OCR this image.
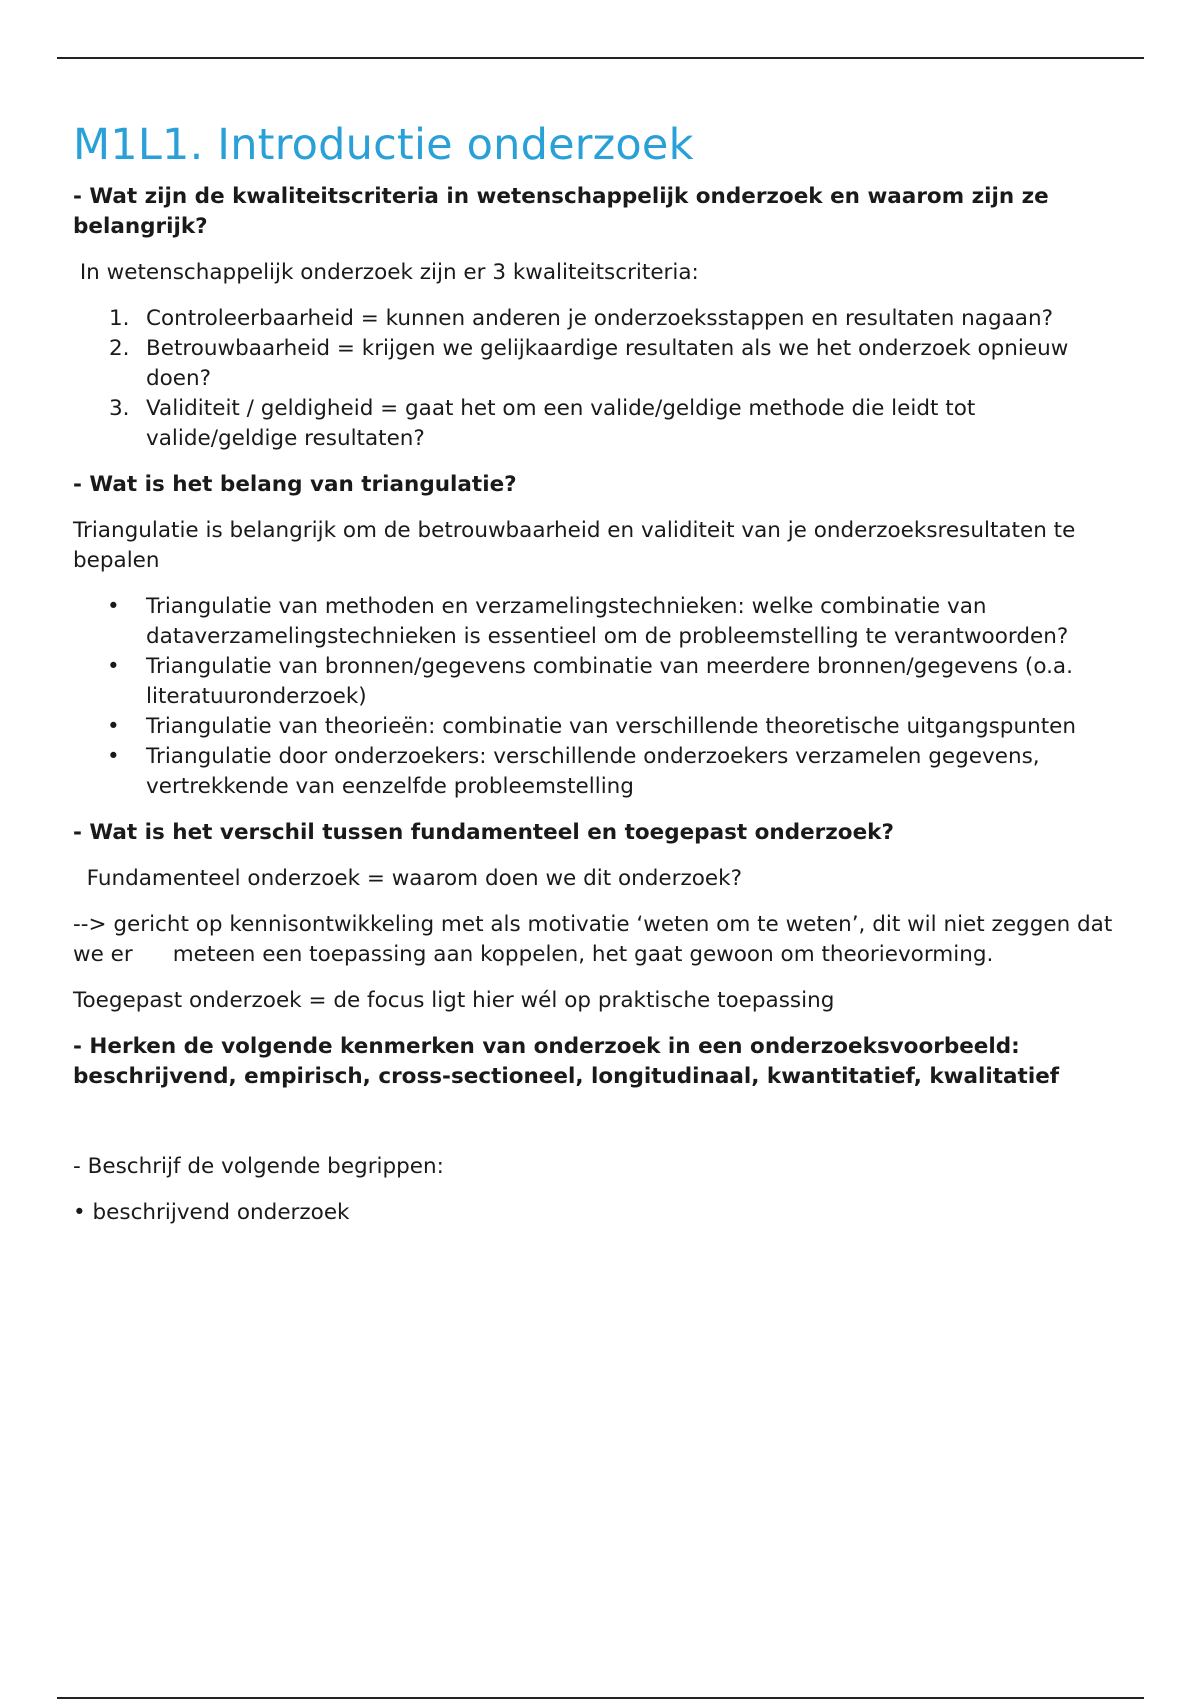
M1L1. Introductie onderzoek
- Wat zijn de kwaliteitscriteria in wetenschappelijk onderzoek en waarom zijn ze belangrijk?

In wetenschappelijk onderzoek zijn er 3 kwaliteitscriteria:

1. Controleerbaarheid = kunnen anderen je onderzoeksstappen en resultaten nagaan?
2. Betrouwbaarheid = krijgen we gelijkaardige resultaten als we het onderzoek opnieuw doen?
3. Validiteit / geldigheid = gaat het om een valide/geldige methode die leidt tot valide/geldige resultaten?
- Wat is het belang van triangulatie?

Triangulatie is belangrijk om de betrouwbaarheid en validiteit van je onderzoeksresultaten te bepalen

• Triangulatie van methoden en verzamelingstechnieken: welke combinatie van dataverzamelingstechnieken is essentieel om de probleemstelling te verantwoorden?
• Triangulatie van bronnen/gegevens combinatie van meerdere bronnen/gegevens (o.a. literatuuronderzoek)
• Triangulatie van theorieën: combinatie van verschillende theoretische uitgangspunten
• Triangulatie door onderzoekers: verschillende onderzoekers verzamelen gegevens, vertrekkende van eenzelfde probleemstelling
- Wat is het verschil tussen fundamenteel en toegepast onderzoek?

Fundamenteel onderzoek = waarom doen we dit onderzoek?

--> gericht op kennisontwikkeling met als motivatie ‘weten om te weten’, dit wil niet zeggen dat we er meteen een toepassing aan koppelen, het gaat gewoon om theorievorming.

Toegepast onderzoek = de focus ligt hier wél op praktische toepassing

- Herken de volgende kenmerken van onderzoek in een onderzoeksvoorbeeld: beschrijvend, empirisch, cross-sectioneel, longitudinaal, kwantitatief, kwalitatief

- Beschrijf de volgende begrippen:

• beschrijvend onderzoek
